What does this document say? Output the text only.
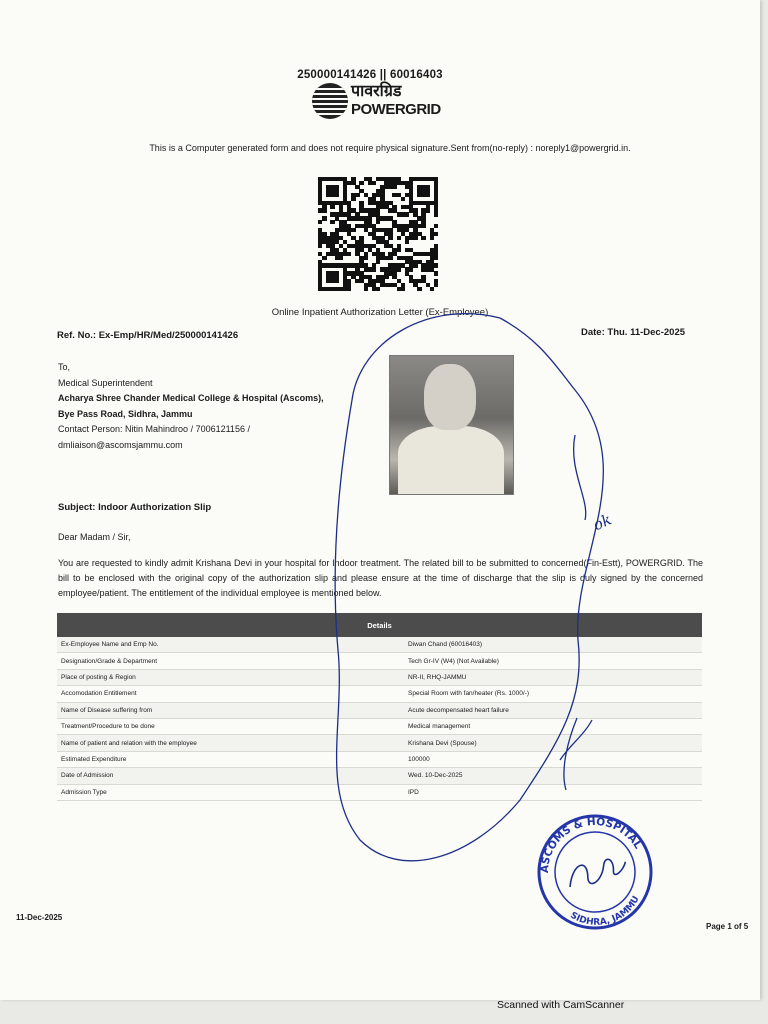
250000141426 || 60016403
पावरग्रिड
POWERGRID
This is a Computer generated form and does not require physical signature.Sent from(no-reply) : noreply1@powergrid.in.
Online Inpatient Authorization Letter (Ex-Employee)
Ref. No.: Ex-Emp/HR/Med/250000141426	Date: Thu. 11-Dec-2025
To,
Medical Superintendent
Acharya Shree Chander Medical College & Hospital (Ascoms),
Bye Pass Road, Sidhra, Jammu
Contact Person: Nitin Mahindroo / 7006121156 /
dmliaison@ascomsjammu.com
Subject: Indoor Authorization Slip
Dear Madam / Sir,
You are requested to kindly admit Krishana Devi in your hospital for Indoor treatment. The related bill to be submitted to concerned(Fin-Estt), POWERGRID. The bill to be enclosed with the original copy of the authorization slip and please ensure at the time of discharge that the slip is duly signed by the concerned employee/patient. The entitlement of the individual employee is mentioned below.
Details	
Ex-Employee Name and Emp No.	Diwan Chand (60016403)
Designation/Grade & Department	Tech Gr-IV (W4) (Not Available)
Place of posting & Region	NR-II, RHQ-JAMMU
Accomodation Entitlement	Special Room with fan/heater (Rs. 1000/-)
Name of Disease suffering from	Acute decompensated heart failure
Treatment/Procedure to be done	Medical management
Name of patient and relation with the employee	Krishana Devi (Spouse)
Estimated Expenditure	100000
Date of Admission	Wed. 10-Dec-2025
Admission Type	IPD
11-Dec-2025
Page 1 of 5
ok
ASCOMS & HOSPITAL
SIDHRA, JAMMU
Scanned with CamScanner
